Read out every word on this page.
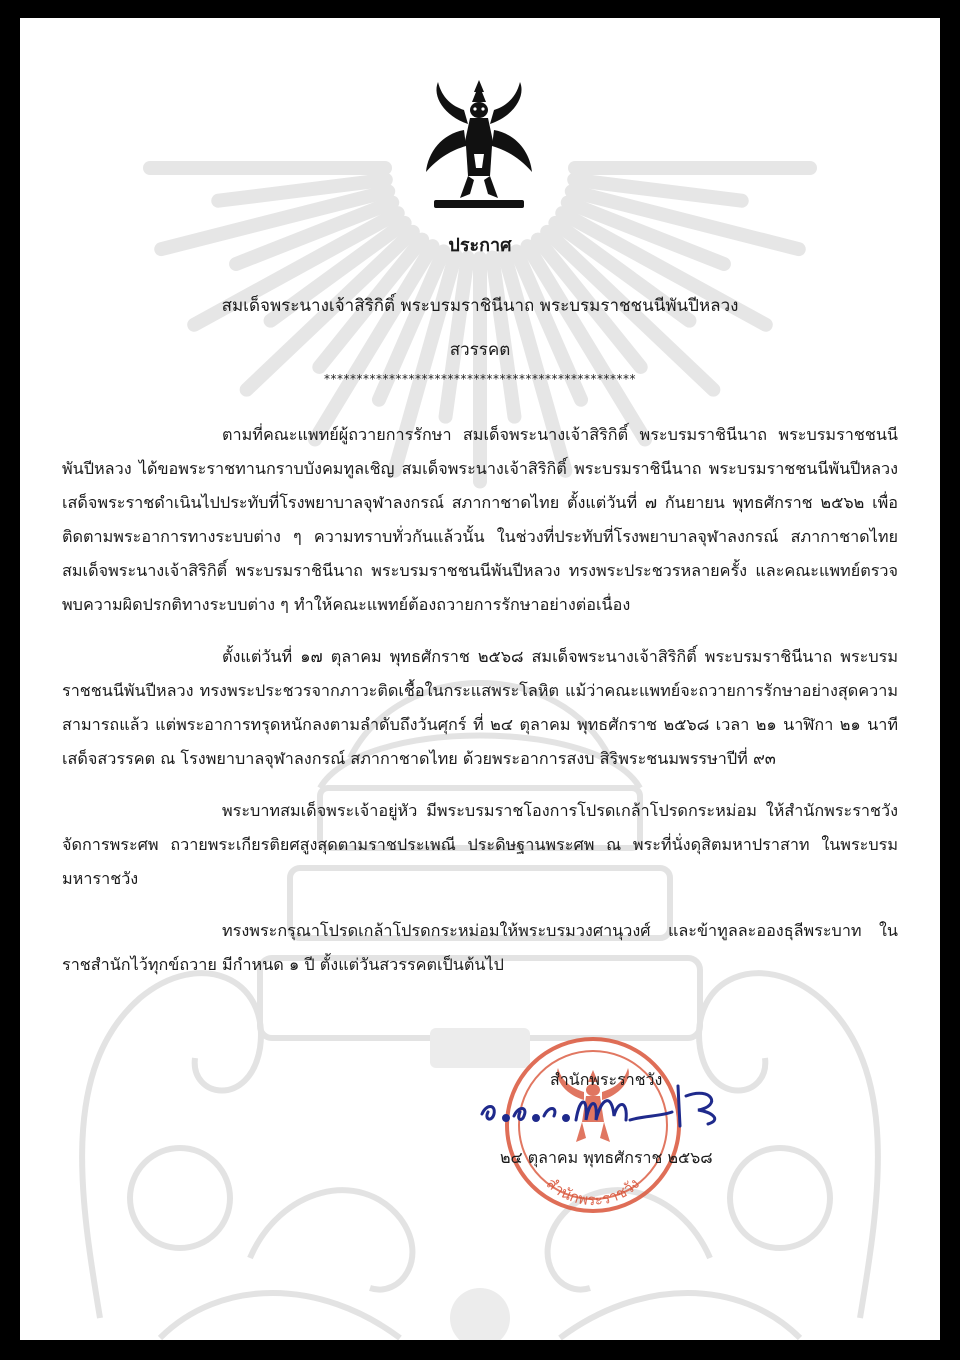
ประกาศ
สมเด็จพระนางเจ้าสิริกิติ์ พระบรมราชินีนาถ พระบรมราชชนนีพันปีหลวง
สวรรคต
************************************************

ตามที่คณะแพทย์ผู้ถวายการรักษา สมเด็จพระนางเจ้าสิริกิติ์ พระบรมราชินีนาถ พระบรมราชชนนีพันปีหลวง ได้ขอพระราชทานกราบบังคมทูลเชิญ สมเด็จพระนางเจ้าสิริกิติ์ พระบรมราชินีนาถ พระบรมราชชนนีพันปีหลวง เสด็จพระราชดำเนินไปประทับที่โรงพยาบาลจุฬาลงกรณ์ สภากาชาดไทย ตั้งแต่วันที่ ๗ กันยายน พุทธศักราช ๒๕๖๒ เพื่อติดตามพระอาการทางระบบต่าง ๆ ความทราบทั่วกันแล้วนั้น ในช่วงที่ประทับที่โรงพยาบาลจุฬาลงกรณ์ สภากาชาดไทย สมเด็จพระนางเจ้าสิริกิติ์ พระบรมราชินีนาถ พระบรมราชชนนีพันปีหลวง ทรงพระประชวรหลายครั้ง และคณะแพทย์ตรวจพบความผิดปรกติทางระบบต่าง ๆ ทำให้คณะแพทย์ต้องถวายการรักษาอย่างต่อเนื่อง

ตั้งแต่วันที่ ๑๗ ตุลาคม พุทธศักราช ๒๕๖๘ สมเด็จพระนางเจ้าสิริกิติ์ พระบรมราชินีนาถ พระบรมราชชนนีพันปีหลวง ทรงพระประชวรจากภาวะติดเชื้อในกระแสพระโลหิต แม้ว่าคณะแพทย์จะถวายการรักษาอย่างสุดความสามารถแล้ว แต่พระอาการทรุดหนักลงตามลำดับถึงวันศุกร์ ที่ ๒๔ ตุลาคม พุทธศักราช ๒๕๖๘ เวลา ๒๑ นาฬิกา ๒๑ นาที เสด็จสวรรคต ณ โรงพยาบาลจุฬาลงกรณ์ สภากาชาดไทย ด้วยพระอาการสงบ สิริพระชนมพรรษาปีที่ ๙๓

พระบาทสมเด็จพระเจ้าอยู่หัว มีพระบรมราชโองการโปรดเกล้าโปรดกระหม่อม ให้สำนักพระราชวัง จัดการพระศพ ถวายพระเกียรติยศสูงสุดตามราชประเพณี ประดิษฐานพระศพ ณ พระที่นั่งดุสิตมหาปราสาท ในพระบรมมหาราชวัง

ทรงพระกรุณาโปรดเกล้าโปรดกระหม่อมให้พระบรมวงศานุวงศ์ และข้าทูลละอองธุลีพระบาท ในราชสำนักไว้ทุกข์ถวาย มีกำหนด ๑ ปี ตั้งแต่วันสวรรคตเป็นต้นไป

สำนักพระราชวัง
สำนักพระราชวัง
๒๔ ตุลาคม พุทธศักราช ๒๕๖๘
